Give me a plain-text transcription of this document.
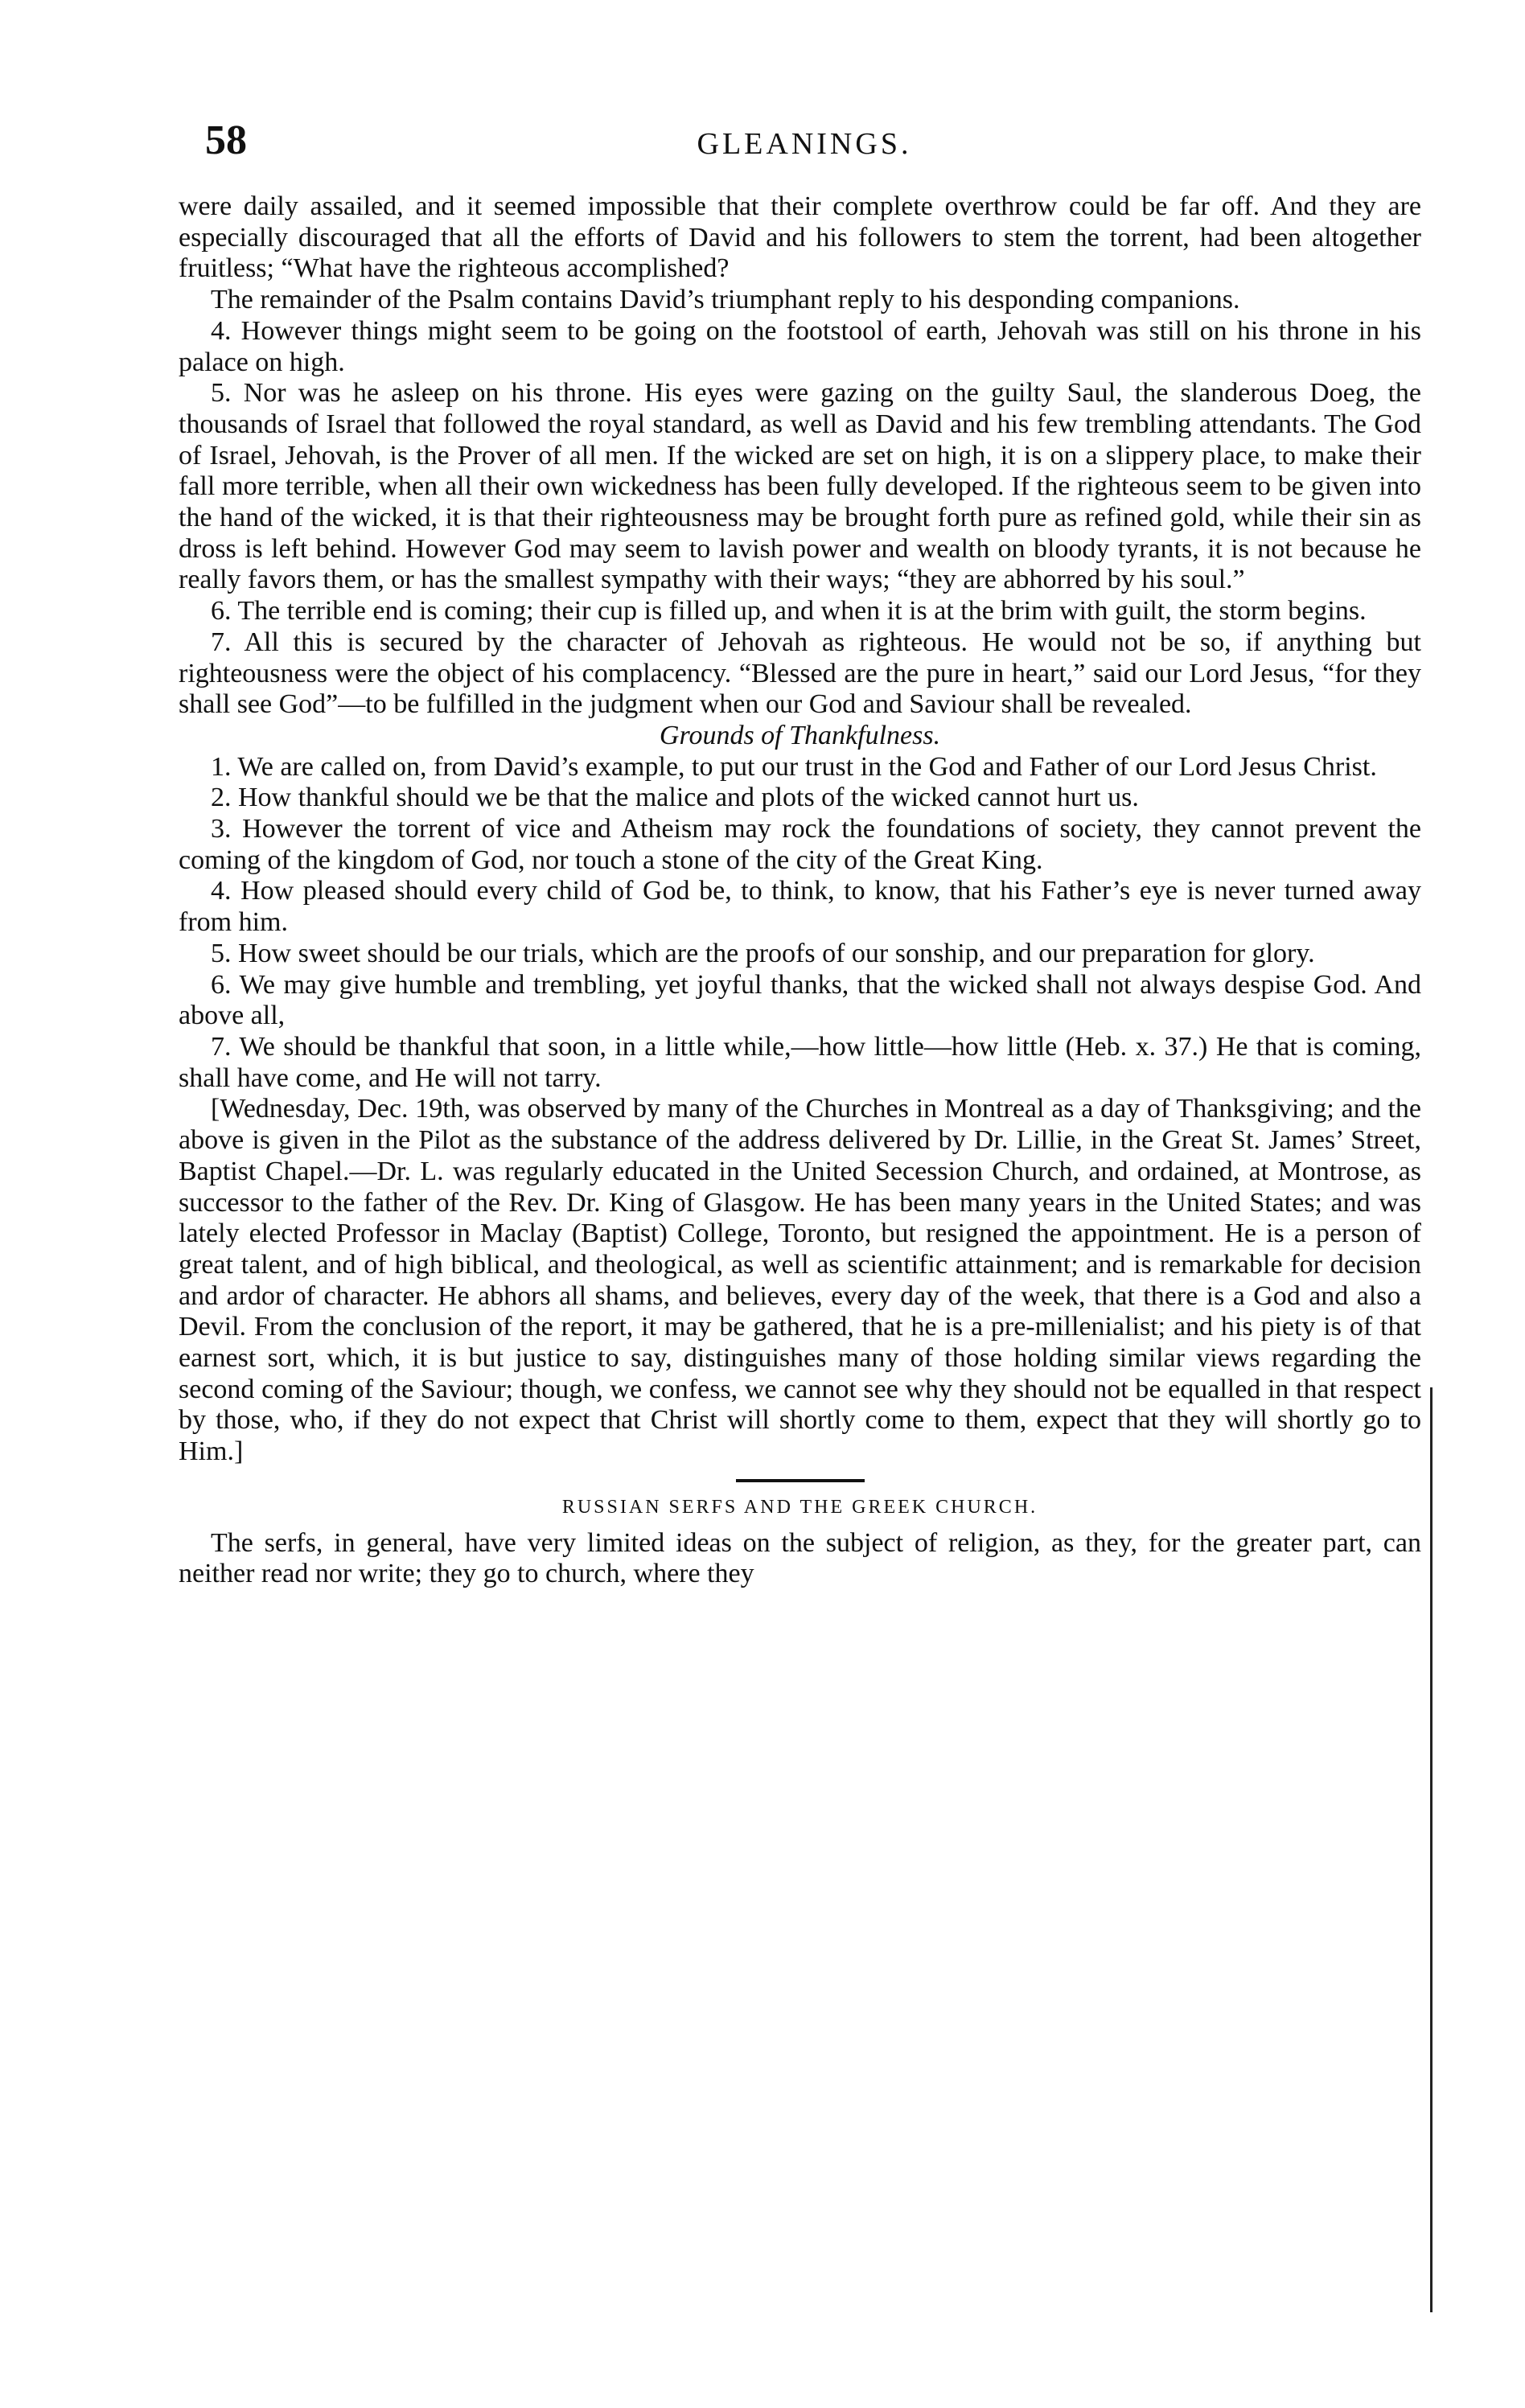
58	GLEANINGS.

were daily assailed, and it seemed impossible that their complete overthrow could be far off. And they are especially discouraged that all the efforts of David and his followers to stem the torrent, had been altogether fruitless; “What have the righteous accomplished?

The remainder of the Psalm contains David’s triumphant reply to his desponding companions.

4. However things might seem to be going on the footstool of earth, Jehovah was still on his throne in his palace on high.

5. Nor was he asleep on his throne. His eyes were gazing on the guilty Saul, the slanderous Doeg, the thousands of Israel that followed the royal standard, as well as David and his few trembling attendants. The God of Israel, Jehovah, is the Prover of all men. If the wicked are set on high, it is on a slippery place, to make their fall more terrible, when all their own wickedness has been fully developed. If the righteous seem to be given into the hand of the wicked, it is that their righteousness may be brought forth pure as refined gold, while their sin as dross is left behind. However God may seem to lavish power and wealth on bloody tyrants, it is not because he really favors them, or has the smallest sympathy with their ways; “they are abhorred by his soul.”

6. The terrible end is coming; their cup is filled up, and when it is at the brim with guilt, the storm begins.

7. All this is secured by the character of Jehovah as righteous. He would not be so, if anything but righteousness were the object of his complacency. “Blessed are the pure in heart,” said our Lord Jesus, “for they shall see God”—to be fulfilled in the judgment when our God and Saviour shall be revealed.

Grounds of Thankfulness.

1. We are called on, from David’s example, to put our trust in the God and Father of our Lord Jesus Christ.

2. How thankful should we be that the malice and plots of the wicked cannot hurt us.

3. However the torrent of vice and Atheism may rock the foundations of society, they cannot prevent the coming of the kingdom of God, nor touch a stone of the city of the Great King.

4. How pleased should every child of God be, to think, to know, that his Father’s eye is never turned away from him.

5. How sweet should be our trials, which are the proofs of our sonship, and our preparation for glory.

6. We may give humble and trembling, yet joyful thanks, that the wicked shall not always despise God. And above all,

7. We should be thankful that soon, in a little while,—how little—how little (Heb. x. 37.) He that is coming, shall have come, and He will not tarry.

[Wednesday, Dec. 19th, was observed by many of the Churches in Montreal as a day of Thanksgiving; and the above is given in the Pilot as the substance of the address delivered by Dr. Lillie, in the Great St. James’ Street, Baptist Chapel.—Dr. L. was regularly educated in the United Secession Church, and ordained, at Montrose, as successor to the father of the Rev. Dr. King of Glasgow. He has been many years in the United States; and was lately elected Professor in Maclay (Baptist) College, Toronto, but resigned the appointment. He is a person of great talent, and of high biblical, and theological, as well as scientific attainment; and is remarkable for decision and ardor of character. He abhors all shams, and believes, every day of the week, that there is a God and also a Devil. From the conclusion of the report, it may be gathered, that he is a pre-millenialist; and his piety is of that earnest sort, which, it is but justice to say, distinguishes many of those holding similar views regarding the second coming of the Saviour; though, we confess, we cannot see why they should not be equalled in that respect by those, who, if they do not expect that Christ will shortly come to them, expect that they will shortly go to Him.]

RUSSIAN SERFS AND THE GREEK CHURCH.

The serfs, in general, have very limited ideas on the subject of religion, as they, for the greater part, can neither read nor write; they go to church, where they
